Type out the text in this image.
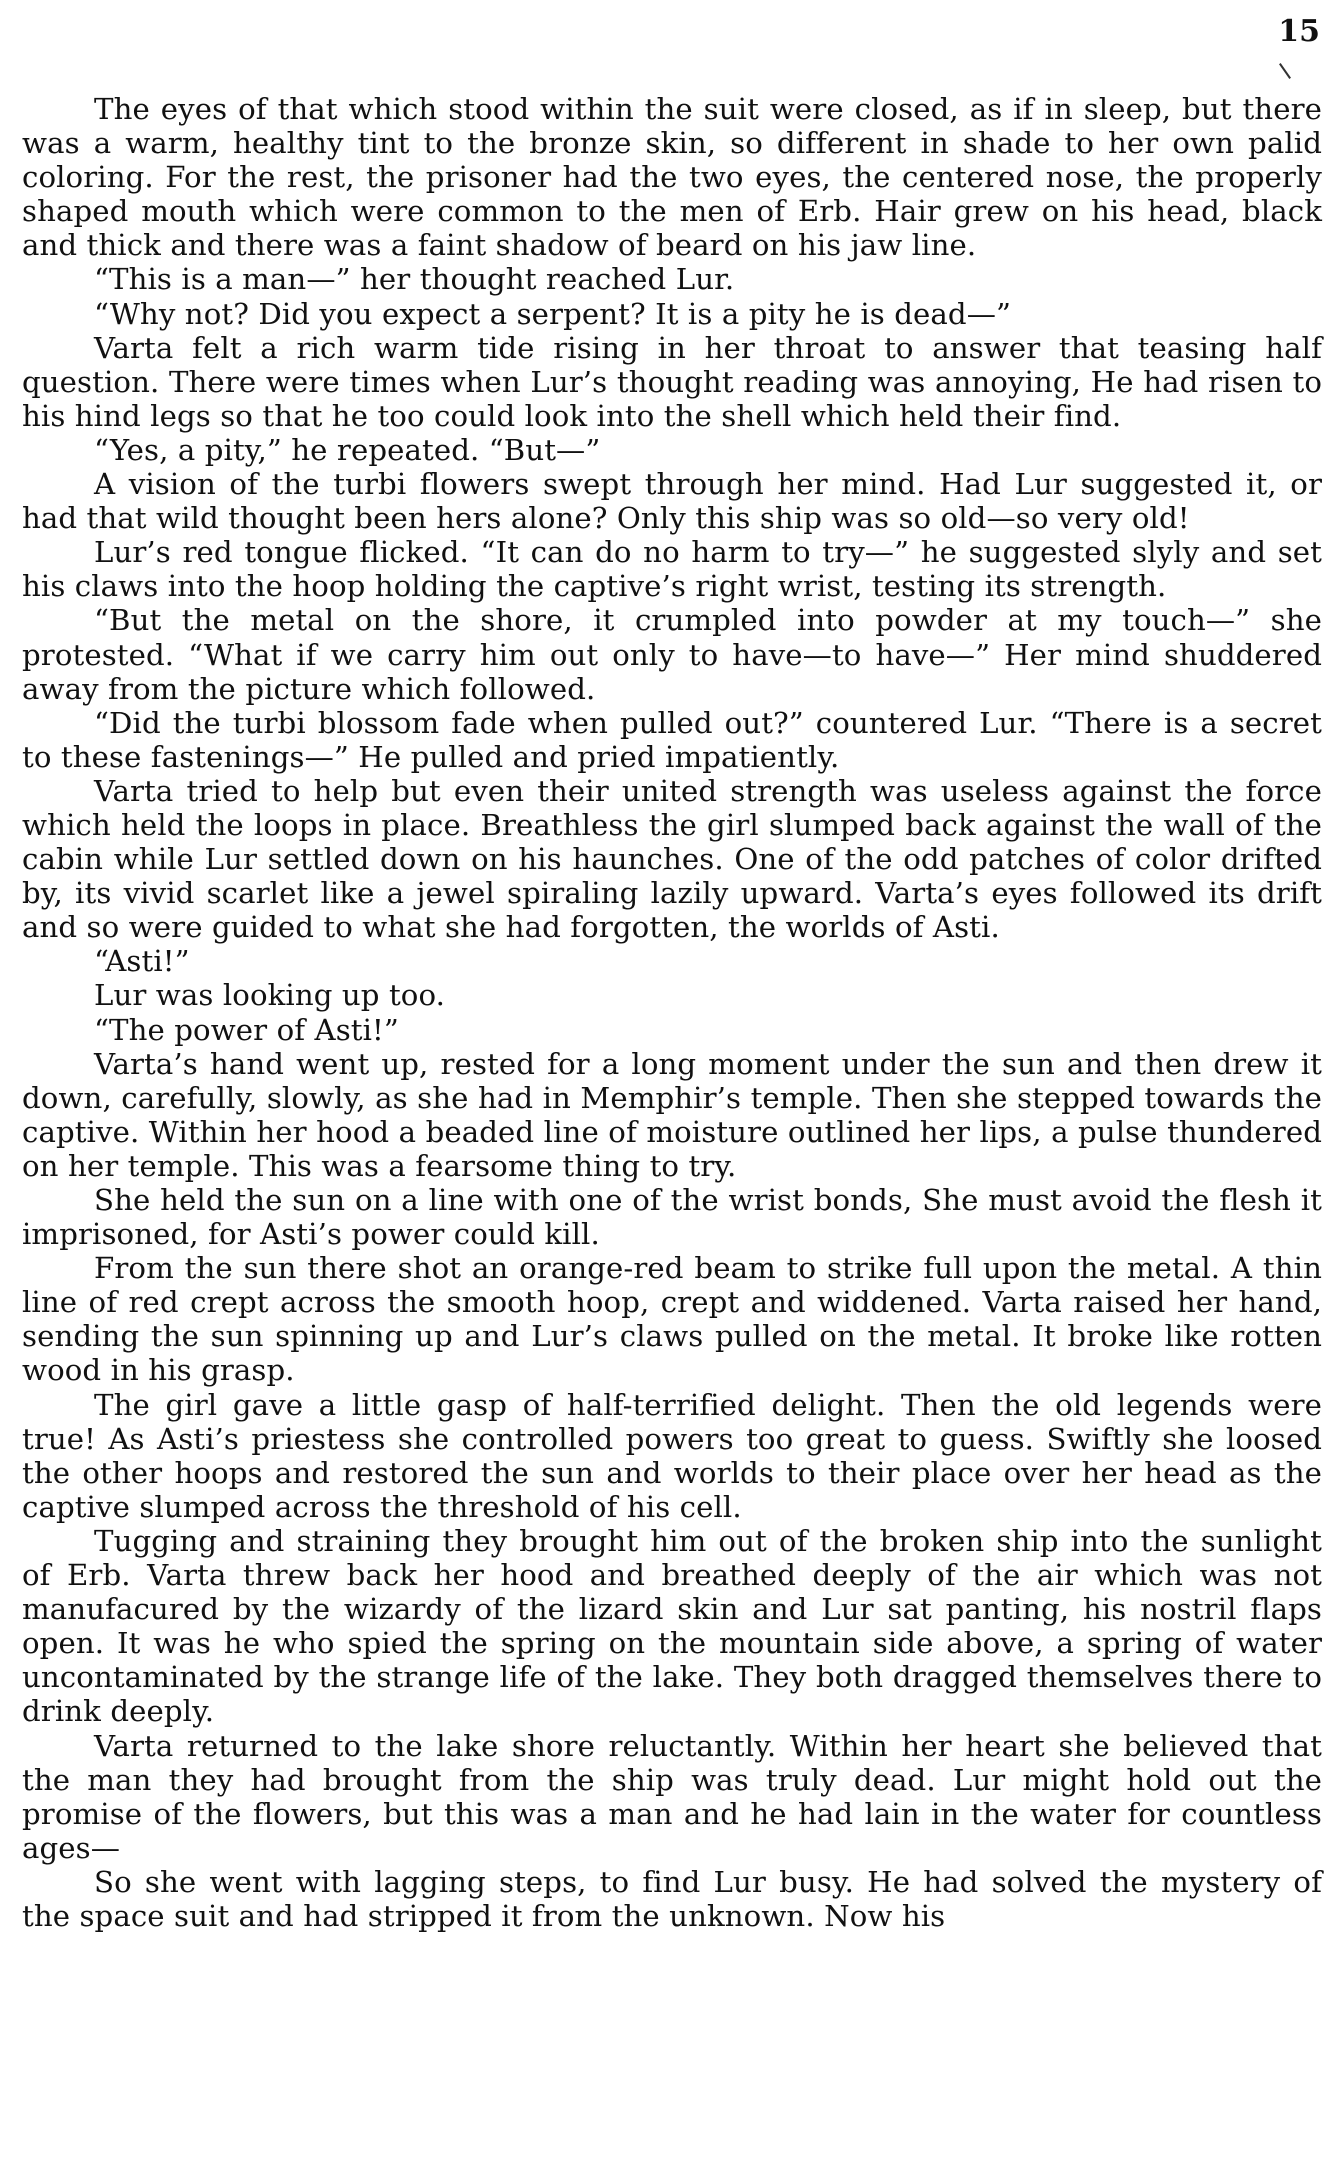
15

The eyes of that which stood within the suit were closed, as if in sleep, but there was a warm, healthy tint to the bronze skin, so different in shade to her own palid coloring. For the rest, the prisoner had the two eyes, the centered nose, the properly shaped mouth which were common to the men of Erb. Hair grew on his head, black and thick and there was a faint shadow of beard on his jaw line.

“This is a man—” her thought reached Lur.

“Why not? Did you expect a serpent? It is a pity he is dead—”

Varta felt a rich warm tide rising in her throat to answer that teasing half question. There were times when Lur’s thought reading was annoying, He had risen to his hind legs so that he too could look into the shell which held their find.

“Yes, a pity,” he repeated. “But—”

A vision of the turbi flowers swept through her mind. Had Lur suggested it, or had that wild thought been hers alone? Only this ship was so old—so very old!

Lur’s red tongue flicked. “It can do no harm to try—” he suggested slyly and set his claws into the hoop holding the captive’s right wrist, testing its strength.

“But the metal on the shore, it crumpled into powder at my touch—” she protested. “What if we carry him out only to have—to have—” Her mind shuddered away from the picture which followed.

“Did the turbi blossom fade when pulled out?” countered Lur. “There is a secret to these fastenings—” He pulled and pried impatiently.

Varta tried to help but even their united strength was useless against the force which held the loops in place. Breathless the girl slumped back against the wall of the cabin while Lur settled down on his haunches. One of the odd patches of color drifted by, its vivid scarlet like a jewel spiraling lazily upward. Varta’s eyes followed its drift and so were guided to what she had forgotten, the worlds of Asti.

“Asti!”

Lur was looking up too.

“The power of Asti!”

Varta’s hand went up, rested for a long moment under the sun and then drew it down, carefully, slowly, as she had in Memphir’s temple. Then she stepped towards the captive. Within her hood a beaded line of moisture outlined her lips, a pulse thundered on her temple. This was a fearsome thing to try.

She held the sun on a line with one of the wrist bonds, She must avoid the flesh it imprisoned, for Asti’s power could kill.

From the sun there shot an orange-red beam to strike full upon the metal. A thin line of red crept across the smooth hoop, crept and widdened. Varta raised her hand, sending the sun spinning up and Lur’s claws pulled on the metal. It broke like rotten wood in his grasp.

The girl gave a little gasp of half-terrified delight. Then the old legends were true! As Asti’s priestess she controlled powers too great to guess. Swiftly she loosed the other hoops and restored the sun and worlds to their place over her head as the captive slumped across the threshold of his cell.

Tugging and straining they brought him out of the broken ship into the sunlight of Erb. Varta threw back her hood and breathed deeply of the air which was not manufacured by the wizardy of the lizard skin and Lur sat panting, his nostril flaps open. It was he who spied the spring on the mountain side above, a spring of water uncontaminated by the strange life of the lake. They both dragged themselves there to drink deeply.

Varta returned to the lake shore reluctantly. Within her heart she believed that the man they had brought from the ship was truly dead. Lur might hold out the promise of the flowers, but this was a man and he had lain in the water for countless ages—

So she went with lagging steps, to find Lur busy. He had solved the mystery of the space suit and had stripped it from the unknown. Now his
